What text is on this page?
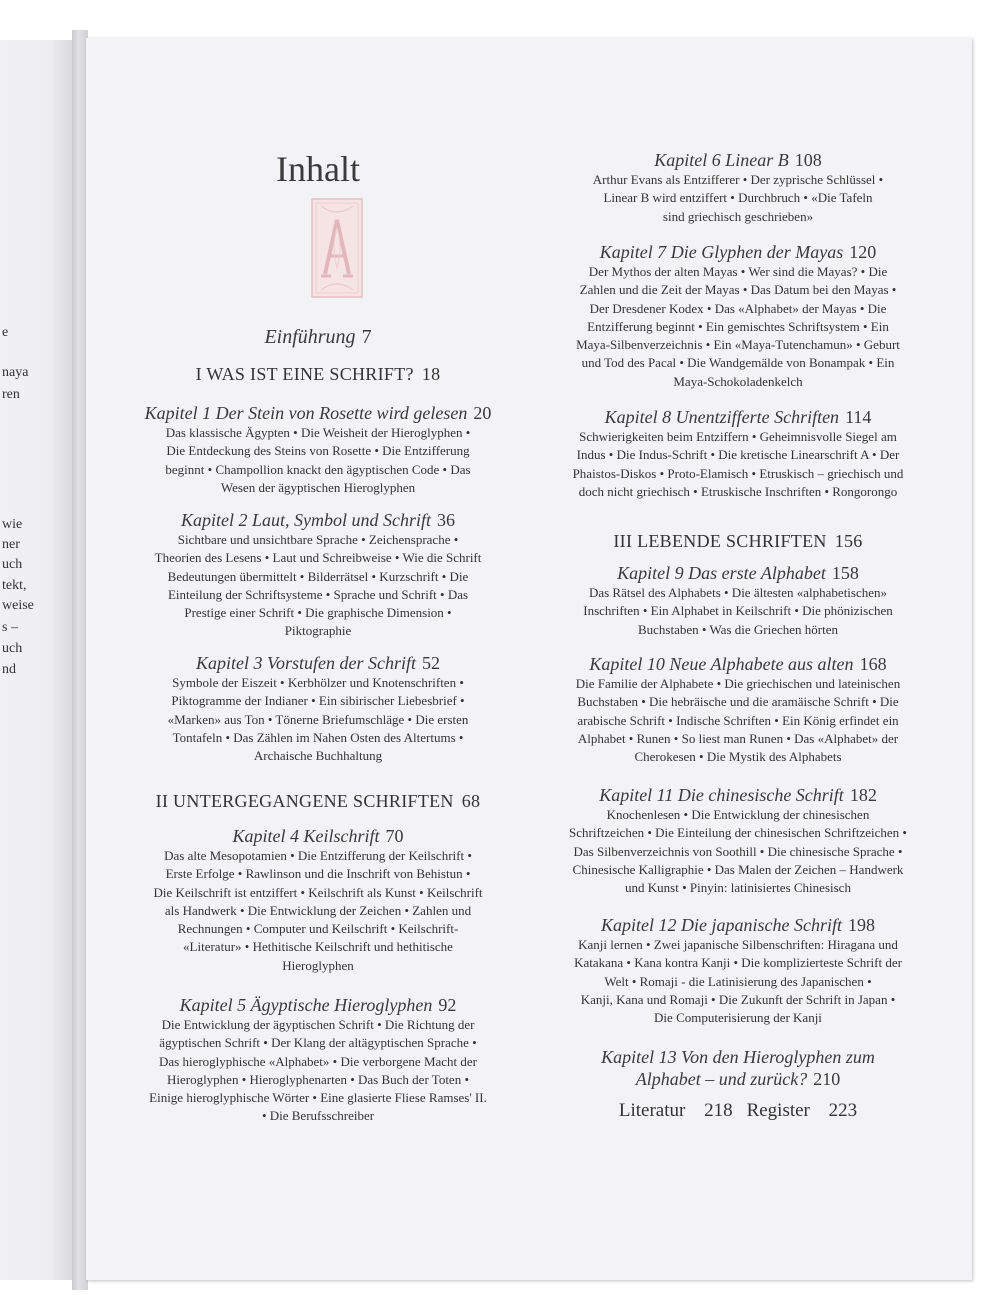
e
naya
ren
wie
ner
uch
tekt,
weise
s –
uch
nd
Inhalt
Einführung 7
I WAS IST EINE SCHRIFT? 18
Kapitel 1 Der Stein von Rosette wird gelesen 20
Das klassische Ägypten • Die Weisheit der Hieroglyphen •
Die Entdeckung des Steins von Rosette • Die Entzifferung
beginnt • Champollion knackt den ägyptischen Code • Das
Wesen der ägyptischen Hieroglyphen
Kapitel 2 Laut, Symbol und Schrift 36
Sichtbare und unsichtbare Sprache • Zeichensprache •
Theorien des Lesens • Laut und Schreibweise • Wie die Schrift
Bedeutungen übermittelt • Bilderrätsel • Kurzschrift • Die
Einteilung der Schriftsysteme • Sprache und Schrift • Das
Prestige einer Schrift • Die graphische Dimension •
Piktographie
Kapitel 3 Vorstufen der Schrift 52
Symbole der Eiszeit • Kerbhölzer und Knotenschriften •
Piktogramme der Indianer • Ein sibirischer Liebesbrief •
«Marken» aus Ton • Tönerne Briefumschläge • Die ersten
Tontafeln • Das Zählen im Nahen Osten des Altertums •
Archaische Buchhaltung
II UNTERGEGANGENE SCHRIFTEN 68
Kapitel 4 Keilschrift 70
Das alte Mesopotamien • Die Entzifferung der Keilschrift •
Erste Erfolge • Rawlinson und die Inschrift von Behistun •
Die Keilschrift ist entziffert • Keilschrift als Kunst • Keilschrift
als Handwerk • Die Entwicklung der Zeichen • Zahlen und
Rechnungen • Computer und Keilschrift • Keilschrift-
«Literatur» • Hethitische Keilschrift und hethitische
Hieroglyphen
Kapitel 5 Ägyptische Hieroglyphen 92
Die Entwicklung der ägyptischen Schrift • Die Richtung der
ägyptischen Schrift • Der Klang der altägyptischen Sprache •
Das hieroglyphische «Alphabet» • Die verborgene Macht der
Hieroglyphen • Hieroglyphenarten • Das Buch der Toten •
Einige hieroglyphische Wörter • Eine glasierte Fliese Ramses' II.
• Die Berufsschreiber
Kapitel 6 Linear B 108
Arthur Evans als Entzifferer • Der zyprische Schlüssel •
Linear B wird entziffert • Durchbruch • «Die Tafeln
sind griechisch geschrieben»
Kapitel 7 Die Glyphen der Mayas 120
Der Mythos der alten Mayas • Wer sind die Mayas? • Die
Zahlen und die Zeit der Mayas • Das Datum bei den Mayas •
Der Dresdener Kodex • Das «Alphabet» der Mayas • Die
Entzifferung beginnt • Ein gemischtes Schriftsystem • Ein
Maya-Silbenverzeichnis • Ein «Maya-Tutenchamun» • Geburt
und Tod des Pacal • Die Wandgemälde von Bonampak • Ein
Maya-Schokoladenkelch
Kapitel 8 Unentzifferte Schriften 114
Schwierigkeiten beim Entziffern • Geheimnisvolle Siegel am
Indus • Die Indus-Schrift • Die kretische Linearschrift A • Der
Phaistos-Diskos • Proto-Elamisch • Etruskisch – griechisch und
doch nicht griechisch • Etruskische Inschriften • Rongorongo
III LEBENDE SCHRIFTEN 156
Kapitel 9 Das erste Alphabet 158
Das Rätsel des Alphabets • Die ältesten «alphabetischen»
Inschriften • Ein Alphabet in Keilschrift • Die phönizischen
Buchstaben • Was die Griechen hörten
Kapitel 10 Neue Alphabete aus alten 168
Die Familie der Alphabete • Die griechischen und lateinischen
Buchstaben • Die hebräische und die aramäische Schrift • Die
arabische Schrift • Indische Schriften • Ein König erfindet ein
Alphabet • Runen • So liest man Runen • Das «Alphabet» der
Cherokesen • Die Mystik des Alphabets
Kapitel 11 Die chinesische Schrift 182
Knochenlesen • Die Entwicklung der chinesischen
Schriftzeichen • Die Einteilung der chinesischen Schriftzeichen •
Das Silbenverzeichnis von Soothill • Die chinesische Sprache •
Chinesische Kalligraphie • Das Malen der Zeichen – Handwerk
und Kunst • Pinyin: latinisiertes Chinesisch
Kapitel 12 Die japanische Schrift 198
Kanji lernen • Zwei japanische Silbenschriften: Hiragana und
Katakana • Kana kontra Kanji • Die komplizierteste Schrift der
Welt • Romaji - die Latinisierung des Japanischen •
Kanji, Kana und Romaji • Die Zukunft der Schrift in Japan •
Die Computerisierung der Kanji
Kapitel 13 Von den Hieroglyphen zum
Alphabet – und zurück? 210
Literatur 218 Register 223
